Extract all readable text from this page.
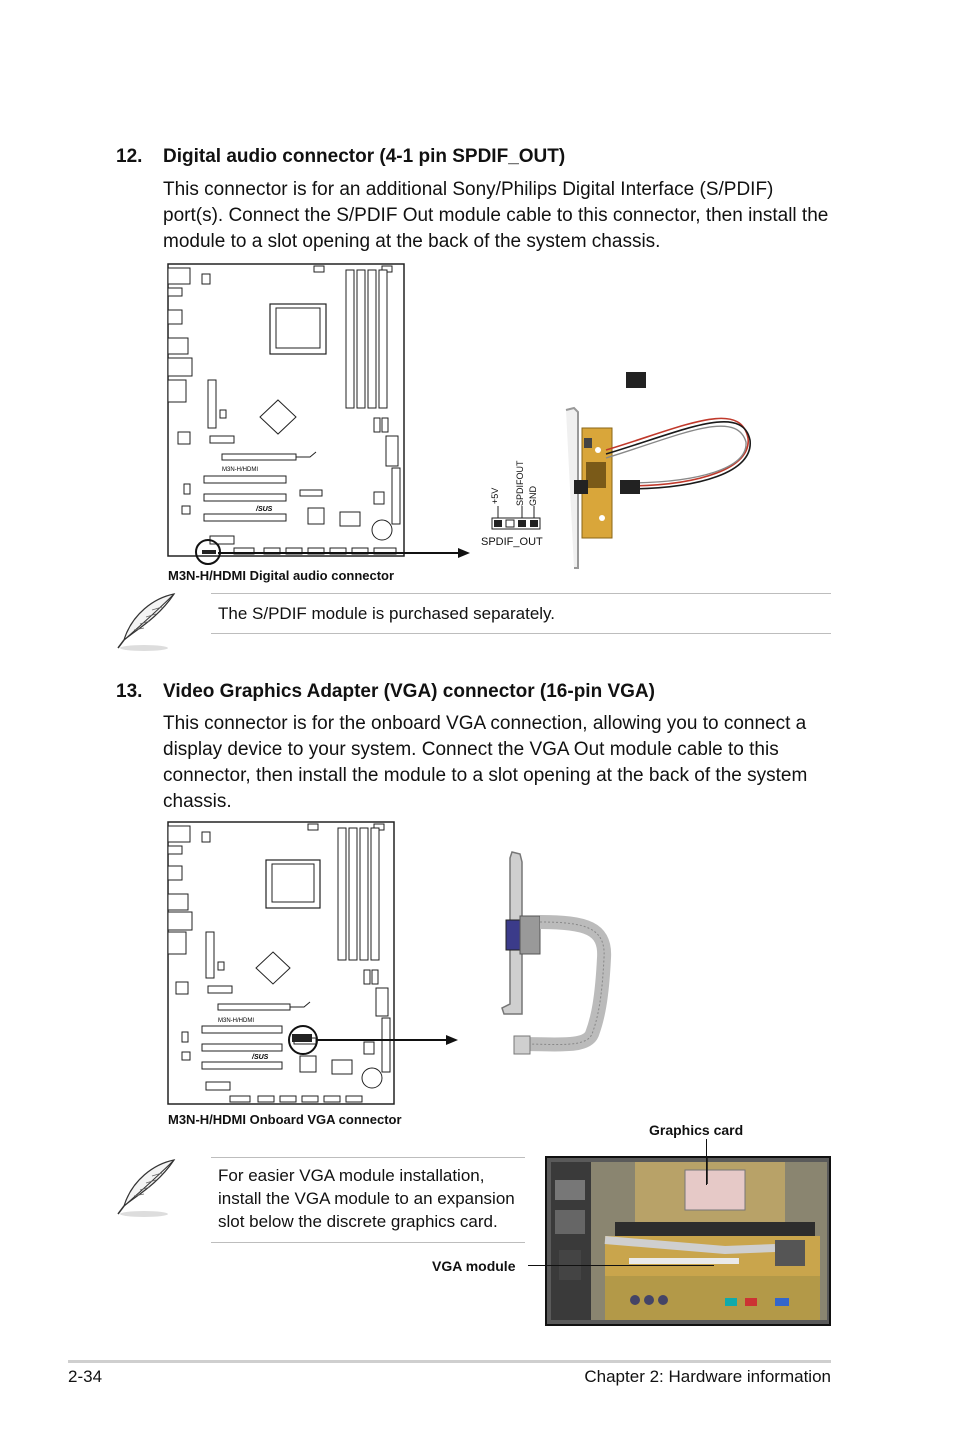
12. Digital audio connector (4-1 pin SPDIF_OUT)
This connector is for an additional Sony/Philips Digital Interface (S/PDIF) port(s). Connect the S/PDIF Out module cable to this connector, then install the module to a slot opening at the back of the system chassis.
M3N-H/HDMI
/SUS
+5V SPDIFOUT GND
SPDIF_OUT
M3N-H/HDMI Digital audio connector
The S/PDIF module is purchased separately.
13. Video Graphics Adapter (VGA) connector (16-pin VGA)
This connector is for the onboard VGA connection, allowing you to connect a display device to your system. Connect the VGA Out module cable to this connector, then install the module to a slot opening at the back of the system chassis.
M3N-H/HDMI
/SUS
M3N-H/HDMI Onboard VGA connector
For easier VGA module installation, install the VGA module to an expansion slot below the discrete graphics card.
Graphics card
VGA module
2-34	Chapter 2: Hardware information
